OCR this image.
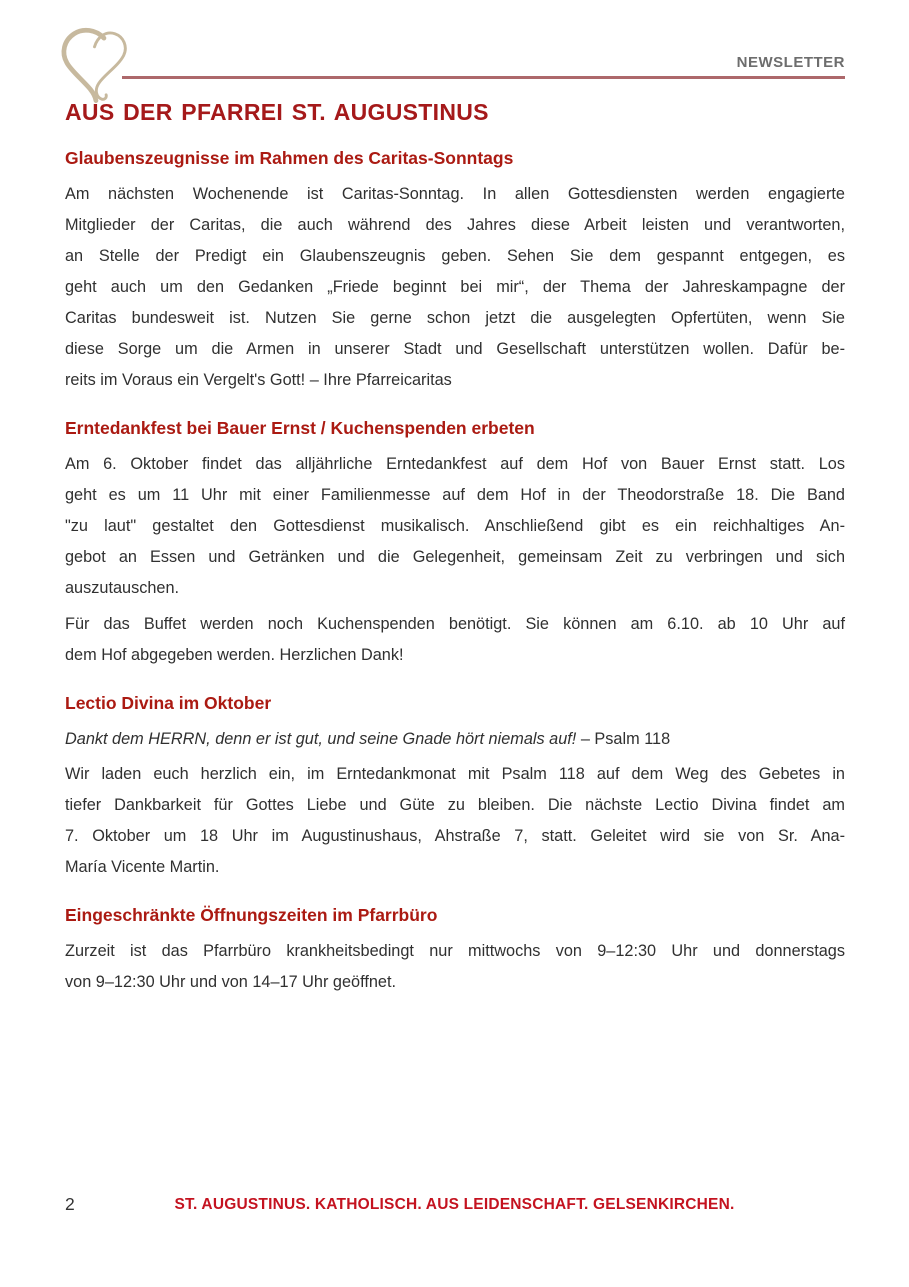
NEWSLETTER
AUS DER PFARREI ST. AUGUSTINUS
Glaubenszeugnisse im Rahmen des Caritas-Sonntags
Am nächsten Wochenende ist Caritas-Sonntag. In allen Gottesdiensten werden engagierte
Mitglieder der Caritas, die auch während des Jahres diese Arbeit leisten und verantworten,
an Stelle der Predigt ein Glaubenszeugnis geben. Sehen Sie dem gespannt entgegen, es
geht auch um den Gedanken „Friede beginnt bei mir“, der Thema der Jahreskampagne der
Caritas bundesweit ist. Nutzen Sie gerne schon jetzt die ausgelegten Opfertüten, wenn Sie
diese Sorge um die Armen in unserer Stadt und Gesellschaft unterstützen wollen. Dafür be-
reits im Voraus ein Vergelt's Gott! – Ihre Pfarreicaritas
Erntedankfest bei Bauer Ernst / Kuchenspenden erbeten
Am 6. Oktober findet das alljährliche Erntedankfest auf dem Hof von Bauer Ernst statt. Los
geht es um 11 Uhr mit einer Familienmesse auf dem Hof in der Theodorstraße 18. Die Band
"zu laut" gestaltet den Gottesdienst musikalisch. Anschließend gibt es ein reichhaltiges An-
gebot an Essen und Getränken und die Gelegenheit, gemeinsam Zeit zu verbringen und sich
auszutauschen.
Für das Buffet werden noch Kuchenspenden benötigt. Sie können am 6.10. ab 10 Uhr auf
dem Hof abgegeben werden. Herzlichen Dank!
Lectio Divina im Oktober

Dankt dem HERRN, denn er ist gut, und seine Gnade hört niemals auf! – Psalm 118

Wir laden euch herzlich ein, im Erntedankmonat mit Psalm 118 auf dem Weg des Gebetes in
tiefer Dankbarkeit für Gottes Liebe und Güte zu bleiben. Die nächste Lectio Divina findet am
7. Oktober um 18 Uhr im Augustinushaus, Ahstraße 7, statt. Geleitet wird sie von Sr. Ana-
María Vicente Martin.
Eingeschränkte Öffnungszeiten im Pfarrbüro
Zurzeit ist das Pfarrbüro krankheitsbedingt nur mittwochs von 9–12:30 Uhr und donnerstags
von 9–12:30 Uhr und von 14–17 Uhr geöffnet.
2	ST. AUGUSTINUS. KATHOLISCH. AUS LEIDENSCHAFT. GELSENKIRCHEN.
